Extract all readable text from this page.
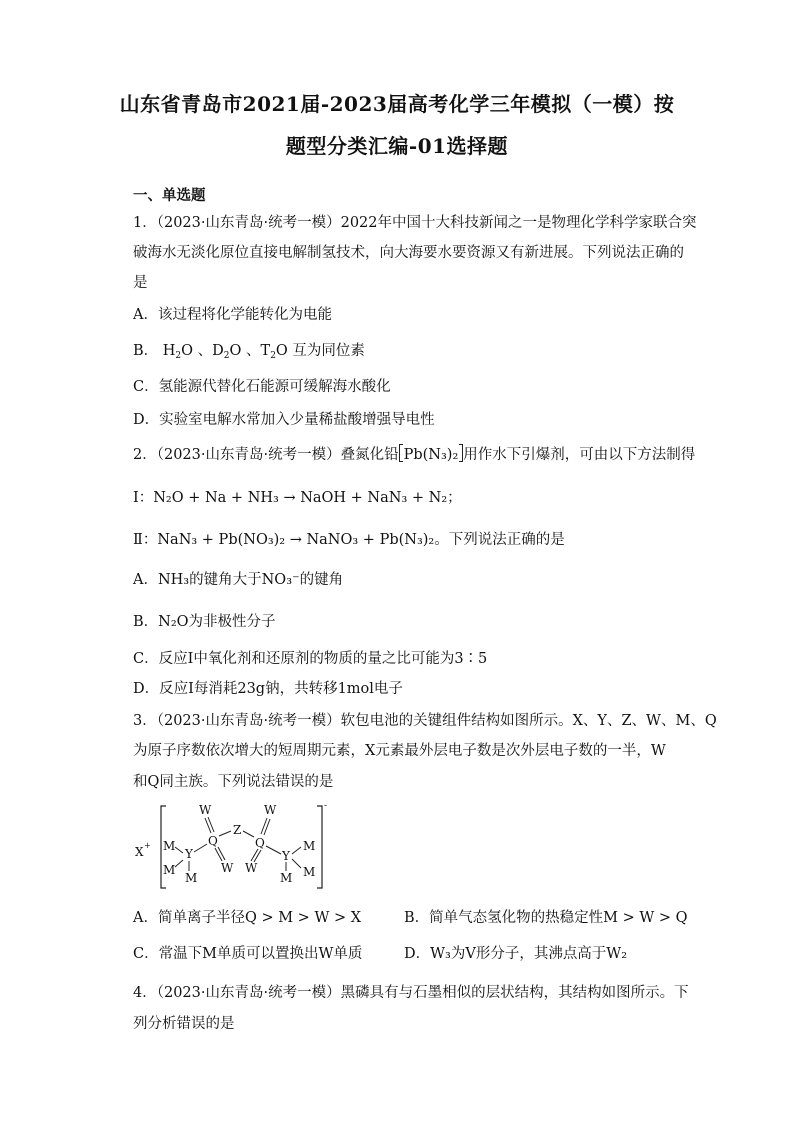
山东省青岛市2021届-2023届高考化学三年模拟（一模）按
题型分类汇编-01选择题
一、单选题
1．（2023·山东青岛·统考一模）2022年中国十大科技新闻之一是物理化学科学家联合突
破海水无淡化原位直接电解制氢技术，向大海要水要资源又有新进展。下列说法正确的
是
A．该过程将化学能转化为电能
B． $H_2O$ 、$D_2O$ 、$T_2O$ 互为同位素
C．氢能源代替化石能源可缓解海水酸化
D．实验室电解水常加入少量稀盐酸增强导电性
2．（2023·山东青岛·统考一模）叠氮化铅 Pb(N₃)₂ 用作水下引爆剂，可由以下方法制得
Ⅰ：N₂O + Na + NH₃ → NaOH + NaN₃ + N₂；
Ⅱ：NaN₃ + Pb(NO₃)₂ → NaNO₃ + Pb(N₃)₂。下列说法正确的是
A．NH₃的键角大于NO₃⁻的键角
B．N₂O为非极性分子
C．反应Ⅰ中氧化剂和还原剂的物质的量之比可能为3∶5
D．反应Ⅰ每消耗23g钠，共转移1mol电子
3．（2023·山东青岛·统考一模）软包电池的关键组件结构如图所示。X、Y、Z、W、M、Q
为原子序数依次增大的短周期元素，X元素最外层电子数是次外层电子数的一半，W
和Q同主族。下列说法错误的是
X +
-
M
M
Y
M
Q
W
W
Z
Q
W
W
Y
M
M
M
A．简单离子半径Q > M > W > X	B．简单气态氢化物的热稳定性M > W > Q
C．常温下M单质可以置换出W单质	D．W₃为V形分子，其沸点高于W₂
4．（2023·山东青岛·统考一模）黑磷具有与石墨相似的层状结构，其结构如图所示。下
列分析错误的是
